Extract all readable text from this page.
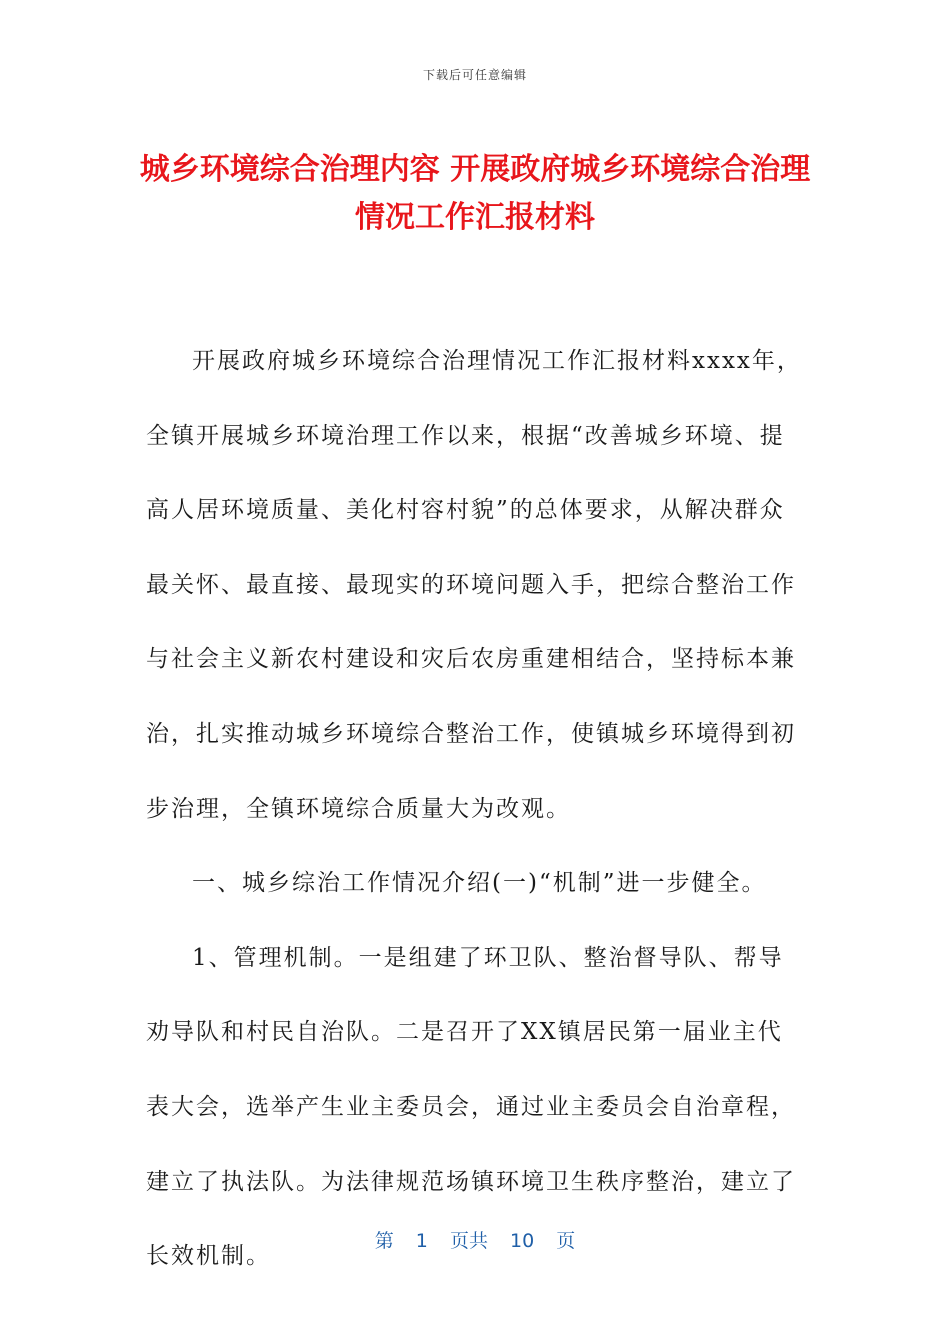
下载后可任意编辑
城乡环境综合治理内容 开展政府城乡环境综合治理情况工作汇报材料

开展政府城乡环境综合治理情况工作汇报材料xxxx年，全镇开展城乡环境治理工作以来，根据“改善城乡环境、提高人居环境质量、美化村容村貌”的总体要求，从解决群众最关怀、最直接、最现实的环境问题入手，把综合整治工作与社会主义新农村建设和灾后农房重建相结合，坚持标本兼治，扎实推动城乡环境综合整治工作，使镇城乡环境得到初步治理，全镇环境综合质量大为改观。

一、城乡综治工作情况介绍(一)“机制”进一步健全。

1、管理机制。一是组建了环卫队、整治督导队、帮导劝导队和村民自治队。二是召开了XX镇居民第一届业主代表大会，选举产生业主委员会，通过业主委员会自治章程，建立了执法队。为法律规范场镇环境卫生秩序整治，建立了长效机制。

第 1 页共 10 页
